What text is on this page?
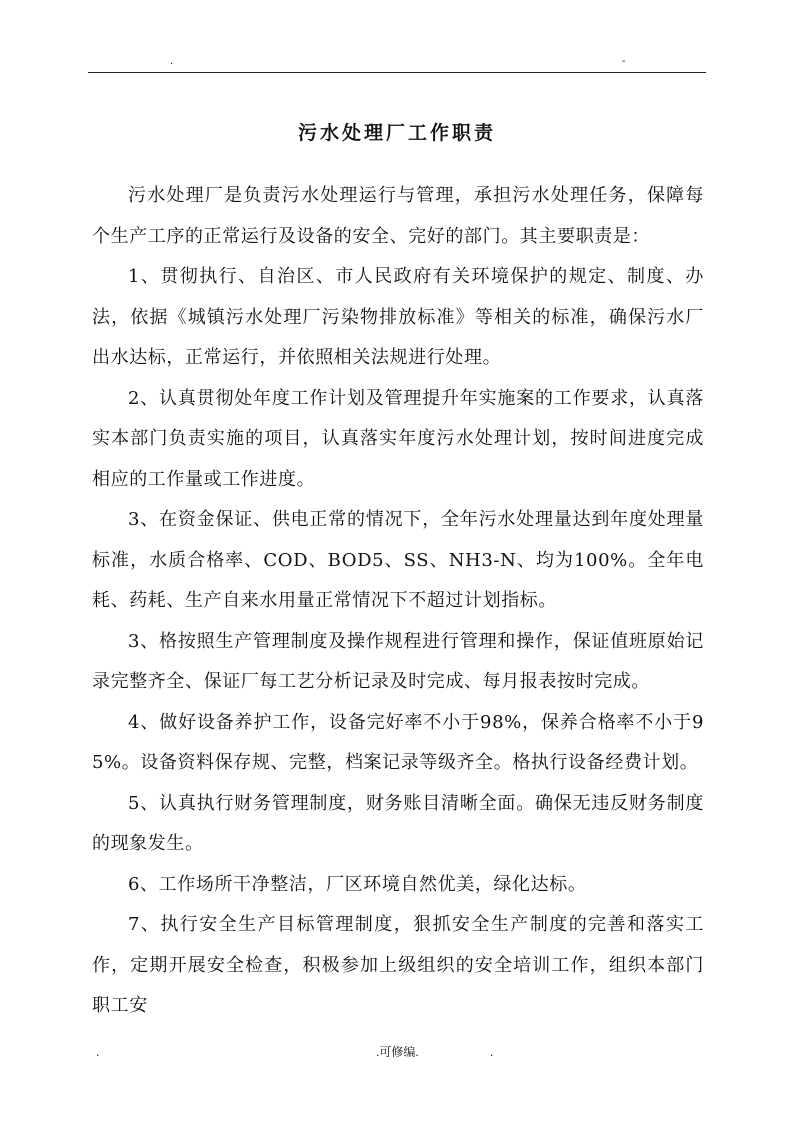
.	-
污水处理厂工作职责

污水处理厂是负责污水处理运行与管理，承担污水处理任务，保障每个生产工序的正常运行及设备的安全、完好的部门。其主要职责是：

1、贯彻执行、自治区、市人民政府有关环境保护的规定、制度、办法，依据《城镇污水处理厂污染物排放标准》等相关的标准，确保污水厂出水达标，正常运行，并依照相关法规进行处理。

2、认真贯彻处年度工作计划及管理提升年实施案的工作要求，认真落实本部门负责实施的项目，认真落实年度污水处理计划，按时间进度完成相应的工作量或工作进度。

3、在资金保证、供电正常的情况下，全年污水处理量达到年度处理量标准，水质合格率、COD、BOD5、SS、NH3-N、均为100%。全年电耗、药耗、生产自来水用量正常情况下不超过计划指标。

3、格按照生产管理制度及操作规程进行管理和操作，保证值班原始记录完整齐全、保证厂每工艺分析记录及时完成、每月报表按时完成。

4、做好设备养护工作，设备完好率不小于98%，保养合格率不小于95%。设备资料保存规、完整，档案记录等级齐全。格执行设备经费计划。

5、认真执行财务管理制度，财务账目清晰全面。确保无违反财务制度的现象发生。

6、工作场所干净整洁，厂区环境自然优美，绿化达标。

7、执行安全生产目标管理制度，狠抓安全生产制度的完善和落实工作，定期开展安全检查，积极参加上级组织的安全培训工作，组织本部门职工安

.	.可修编.	.
